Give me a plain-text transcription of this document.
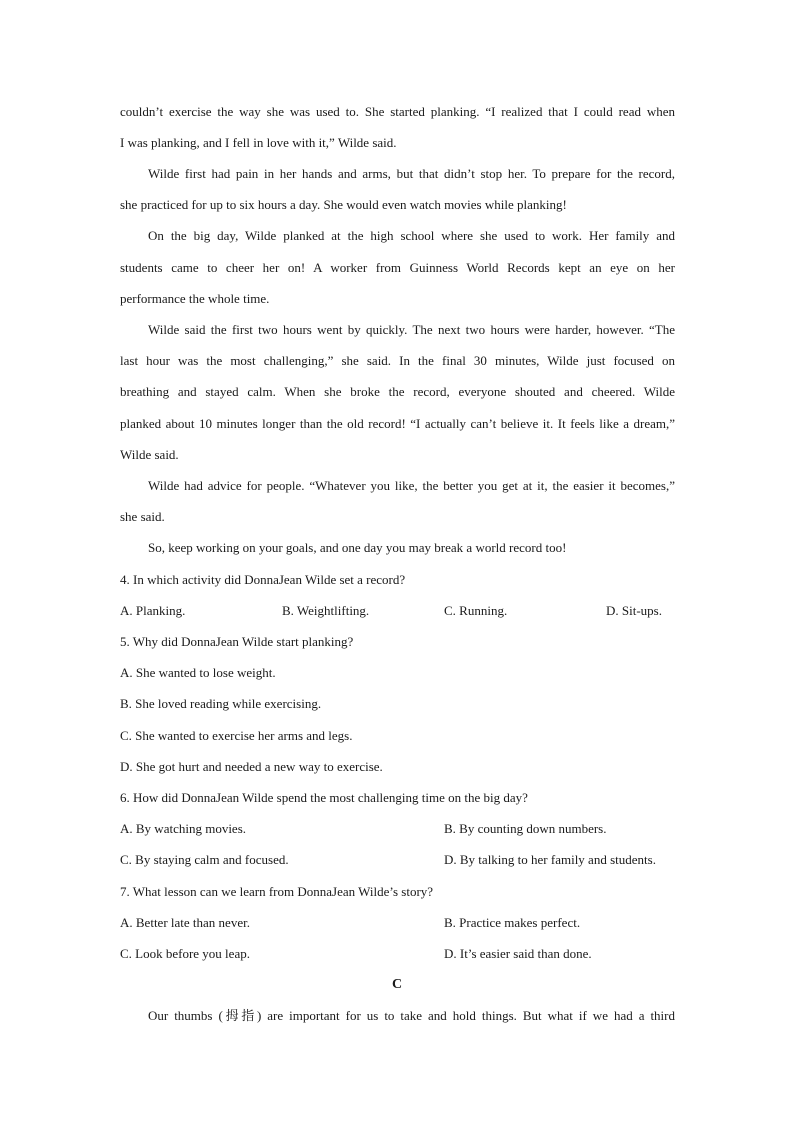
couldn’t exercise the way she was used to. She started planking. “I realized that I could read when
I was planking, and I fell in love with it,” Wilde said.
Wilde first had pain in her hands and arms, but that didn’t stop her. To prepare for the record,
she practiced for up to six hours a day. She would even watch movies while planking!
On the big day, Wilde planked at the high school where she used to work. Her family and
students came to cheer her on! A worker from Guinness World Records kept an eye on her
performance the whole time.
Wilde said the first two hours went by quickly. The next two hours were harder, however. “The
last hour was the most challenging,” she said. In the final 30 minutes, Wilde just focused on
breathing and stayed calm. When she broke the record, everyone shouted and cheered. Wilde
planked about 10 minutes longer than the old record! “I actually can’t believe it. It feels like a dream,”
Wilde said.
Wilde had advice for people. “Whatever you like, the better you get at it, the easier it becomes,”
she said.
So, keep working on your goals, and one day you may break a world record too!
4. In which activity did DonnaJean Wilde set a record?
A. Planking.	B. Weightlifting.	C. Running.	D. Sit-ups.
5. Why did DonnaJean Wilde start planking?
A. She wanted to lose weight.
B. She loved reading while exercising.
C. She wanted to exercise her arms and legs.
D. She got hurt and needed a new way to exercise.
6. How did DonnaJean Wilde spend the most challenging time on the big day?
A. By watching movies.	B. By counting down numbers.
C. By staying calm and focused.	D. By talking to her family and students.
7. What lesson can we learn from DonnaJean Wilde’s story?
A. Better late than never.	B. Practice makes perfect.
C. Look before you leap.	D. It’s easier said than done.
C
Our thumbs (拇指) are important for us to take and hold things. But what if we had a third
